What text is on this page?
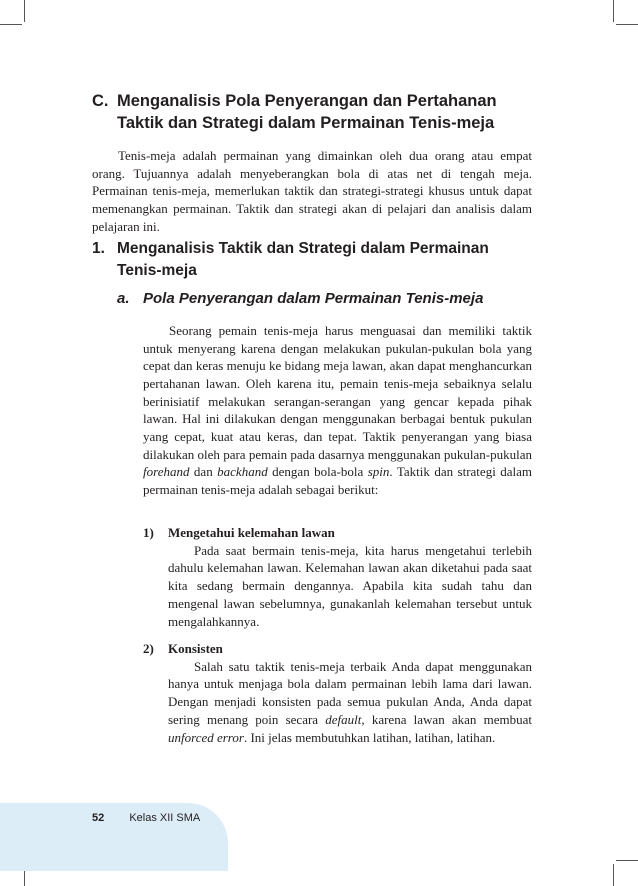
C. Menganalisis Pola Penyerangan dan Pertahanan Taktik dan Strategi dalam Permainan Tenis-meja

Tenis-meja adalah permainan yang dimainkan oleh dua orang atau empat orang. Tujuannya adalah menyeberangkan bola di atas net di tengah meja. Permainan tenis-meja, memerlukan taktik dan strategi-strategi khusus untuk dapat memenangkan permainan. Taktik dan strategi akan di pelajari dan analisis dalam pelajaran ini.

1. Menganalisis Taktik dan Strategi dalam Permainan Tenis-meja
a. Pola Penyerangan dalam Permainan Tenis-meja

Seorang pemain tenis-meja harus menguasai dan memiliki taktik untuk menyerang karena dengan melakukan pukulan-pukulan bola yang cepat dan keras menuju ke bidang meja lawan, akan dapat menghancurkan pertahanan lawan. Oleh karena itu, pemain tenis-meja sebaiknya selalu berinisiatif melakukan serangan-serangan yang gencar kepada pihak lawan. Hal ini dilakukan dengan menggunakan berbagai bentuk pukulan yang cepat, kuat atau keras, dan tepat. Taktik penyerangan yang biasa dilakukan oleh para pemain pada dasarnya menggunakan pukulan-pukulan forehand dan backhand dengan bola-bola spin. Taktik dan strategi dalam permainan tenis-meja adalah sebagai berikut:

1) Mengetahui kelemahan lawan

Pada saat bermain tenis-meja, kita harus mengetahui terlebih dahulu kelemahan lawan. Kelemahan lawan akan diketahui pada saat kita sedang bermain dengannya. Apabila kita sudah tahu dan mengenal lawan sebelumnya, gunakanlah kelemahan tersebut untuk mengalahkannya.

2) Konsisten

Salah satu taktik tenis-meja terbaik Anda dapat menggunakan hanya untuk menjaga bola dalam permainan lebih lama dari lawan. Dengan menjadi konsisten pada semua pukulan Anda, Anda dapat sering menang poin secara default, karena lawan akan membuat unforced error. Ini jelas membutuhkan latihan, latihan, latihan.

52 Kelas XII SMA
